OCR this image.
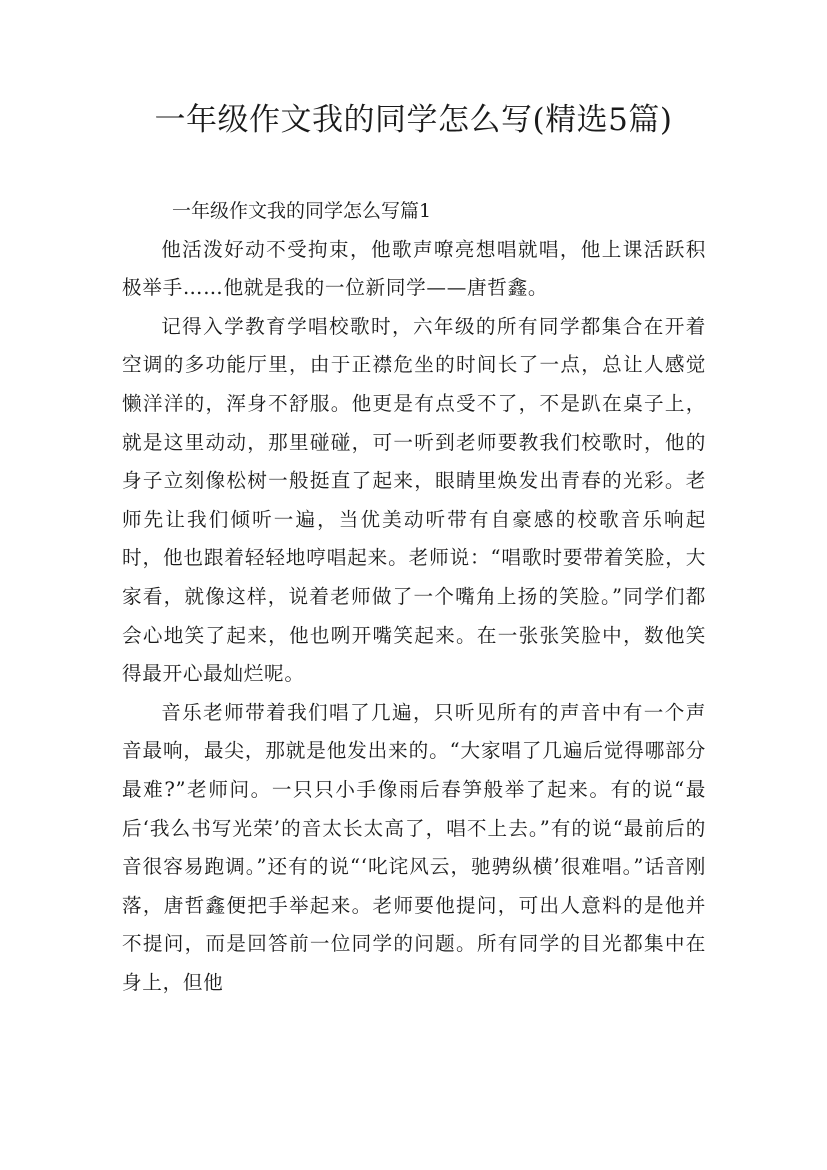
一年级作文我的同学怎么写(精选5篇)

一年级作文我的同学怎么写篇1

他活泼好动不受拘束，他歌声嘹亮想唱就唱，他上课活跃积极举手……他就是我的一位新同学——唐哲鑫。

记得入学教育学唱校歌时，六年级的所有同学都集合在开着空调的多功能厅里，由于正襟危坐的时间长了一点，总让人感觉懒洋洋的，浑身不舒服。他更是有点受不了，不是趴在桌子上，就是这里动动，那里碰碰，可一听到老师要教我们校歌时，他的身子立刻像松树一般挺直了起来，眼睛里焕发出青春的光彩。老师先让我们倾听一遍，当优美动听带有自豪感的校歌音乐响起时，他也跟着轻轻地哼唱起来。老师说：“唱歌时要带着笑脸，大家看，就像这样，说着老师做了一个嘴角上扬的笑脸。”同学们都会心地笑了起来，他也咧开嘴笑起来。在一张张笑脸中，数他笑得最开心最灿烂呢。

音乐老师带着我们唱了几遍，只听见所有的声音中有一个声音最响，最尖，那就是他发出来的。“大家唱了几遍后觉得哪部分最难?”老师问。一只只小手像雨后春笋般举了起来。有的说“最后‘我么书写光荣’的音太长太高了，唱不上去。”有的说“最前后的音很容易跑调。”还有的说“‘叱诧风云，驰骋纵横’很难唱。”话音刚落，唐哲鑫便把手举起来。老师要他提问，可出人意料的是他并不提问，而是回答前一位同学的问题。所有同学的目光都集中在身上，但他
